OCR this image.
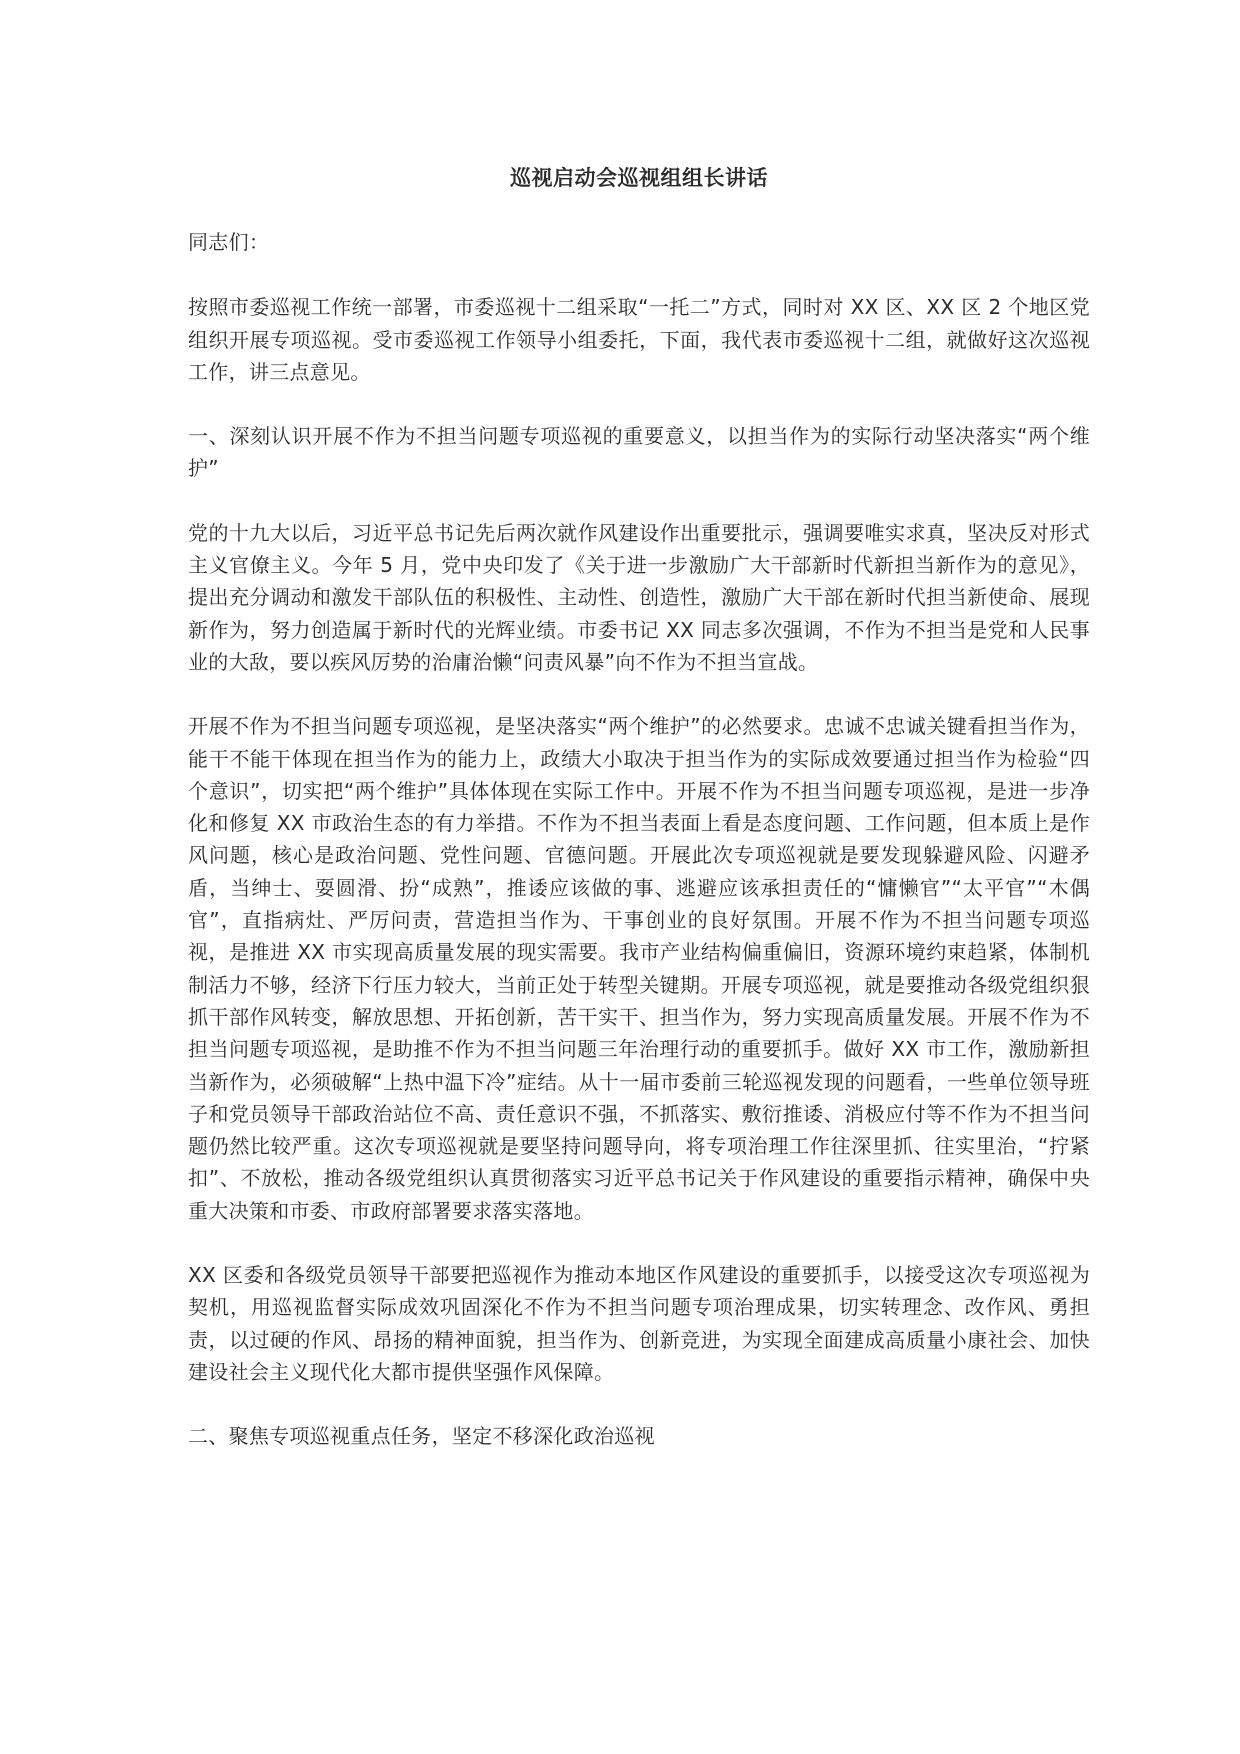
巡视启动会巡视组组长讲话
同志们：
按照市委巡视工作统一部署，市委巡视十二组采取“一托二”方式，同时对 XX 区、XX 区 2 个地区党组织开展专项巡视。受市委巡视工作领导小组委托，下面，我代表市委巡视十二组，就做好这次巡视工作，讲三点意见。
一、深刻认识开展不作为不担当问题专项巡视的重要意义，以担当作为的实际行动坚决落实“两个维护”
党的十九大以后，习近平总书记先后两次就作风建设作出重要批示，强调要唯实求真，坚决反对形式主义官僚主义。今年 5 月，党中央印发了《关于进一步激励广大干部新时代新担当新作为的意见》，提出充分调动和激发干部队伍的积极性、主动性、创造性，激励广大干部在新时代担当新使命、展现新作为，努力创造属于新时代的光辉业绩。市委书记 XX 同志多次强调，不作为不担当是党和人民事业的大敌，要以疾风厉势的治庸治懒“问责风暴”向不作为不担当宣战。
开展不作为不担当问题专项巡视，是坚决落实“两个维护”的必然要求。忠诚不忠诚关键看担当作为，能干不能干体现在担当作为的能力上，政绩大小取决于担当作为的实际成效要通过担当作为检验“四个意识”，切实把“两个维护”具体体现在实际工作中。开展不作为不担当问题专项巡视，是进一步净化和修复 XX 市政治生态的有力举措。不作为不担当表面上看是态度问题、工作问题，但本质上是作风问题，核心是政治问题、党性问题、官德问题。开展此次专项巡视就是要发现躲避风险、闪避矛盾，当绅士、耍圆滑、扮“成熟”，推诿应该做的事、逃避应该承担责任的“慵懒官”“太平官”“木偶官”，直指病灶、严厉问责，营造担当作为、干事创业的良好氛围。开展不作为不担当问题专项巡视，是推进 XX 市实现高质量发展的现实需要。我市产业结构偏重偏旧，资源环境约束趋紧，体制机制活力不够，经济下行压力较大，当前正处于转型关键期。开展专项巡视，就是要推动各级党组织狠抓干部作风转变，解放思想、开拓创新，苦干实干、担当作为，努力实现高质量发展。开展不作为不担当问题专项巡视，是助推不作为不担当问题三年治理行动的重要抓手。做好 XX 市工作，激励新担当新作为，必须破解“上热中温下冷”症结。从十一届市委前三轮巡视发现的问题看，一些单位领导班子和党员领导干部政治站位不高、责任意识不强，不抓落实、敷衍推诿、消极应付等不作为不担当问题仍然比较严重。这次专项巡视就是要坚持问题导向，将专项治理工作往深里抓、往实里治，“拧紧扣”、不放松，推动各级党组织认真贯彻落实习近平总书记关于作风建设的重要指示精神，确保中央重大决策和市委、市政府部署要求落实落地。
XX 区委和各级党员领导干部要把巡视作为推动本地区作风建设的重要抓手，以接受这次专项巡视为契机，用巡视监督实际成效巩固深化不作为不担当问题专项治理成果，切实转理念、改作风、勇担责，以过硬的作风、昂扬的精神面貌，担当作为、创新竞进，为实现全面建成高质量小康社会、加快建设社会主义现代化大都市提供坚强作风保障。
二、聚焦专项巡视重点任务，坚定不移深化政治巡视
